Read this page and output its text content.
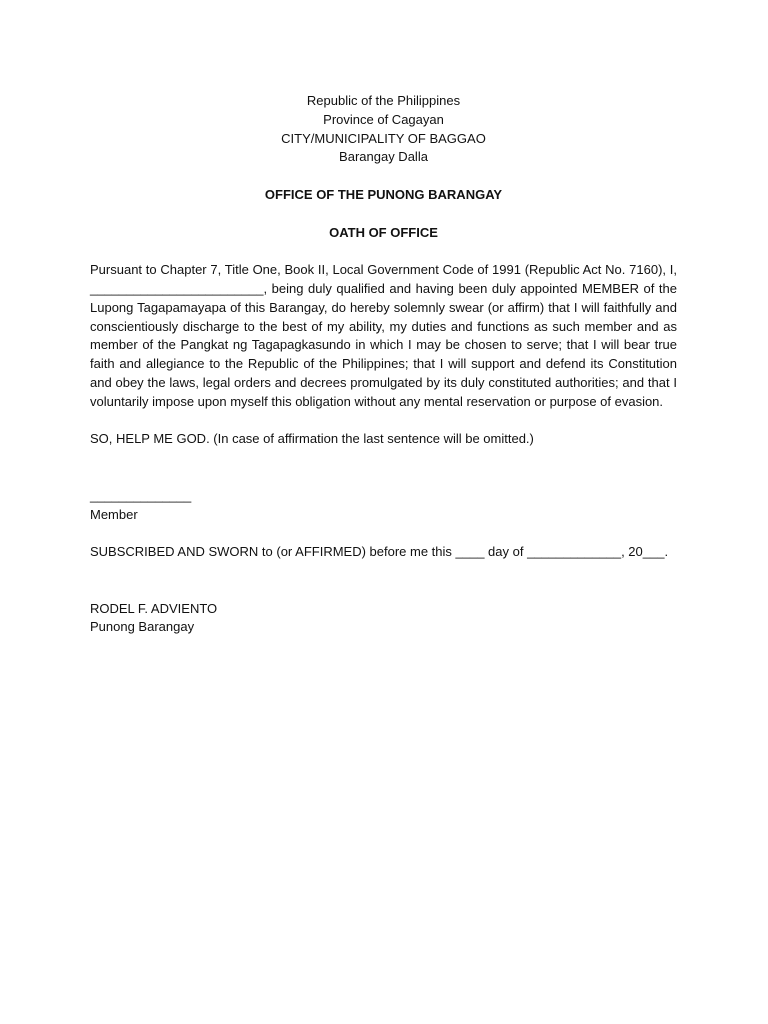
Republic of the Philippines
Province of Cagayan
CITY/MUNICIPALITY OF BAGGAO
Barangay Dalla
OFFICE OF THE PUNONG BARANGAY
OATH OF OFFICE
Pursuant to Chapter 7, Title One, Book II, Local Government Code of 1991 (Republic Act No. 7160), I, ________________________, being duly qualified and having been duly appointed MEMBER of the Lupong Tagapamayapa of this Barangay, do hereby solemnly swear (or affirm) that I will faithfully and conscientiously discharge to the best of my ability, my duties and functions as such member and as member of the Pangkat ng Tagapagkasundo in which I may be chosen to serve; that I will bear true faith and allegiance to the Republic of the Philippines; that I will support and defend its Constitution and obey the laws, legal orders and decrees promulgated by its duly constituted authorities; and that I voluntarily impose upon myself this obligation without any mental reservation or purpose of evasion.
SO, HELP ME GOD. (In case of affirmation the last sentence will be omitted.)
______________
Member
SUBSCRIBED AND SWORN to (or AFFIRMED) before me this ____ day of _____________, 20___.
RODEL F. ADVIENTO
Punong Barangay
